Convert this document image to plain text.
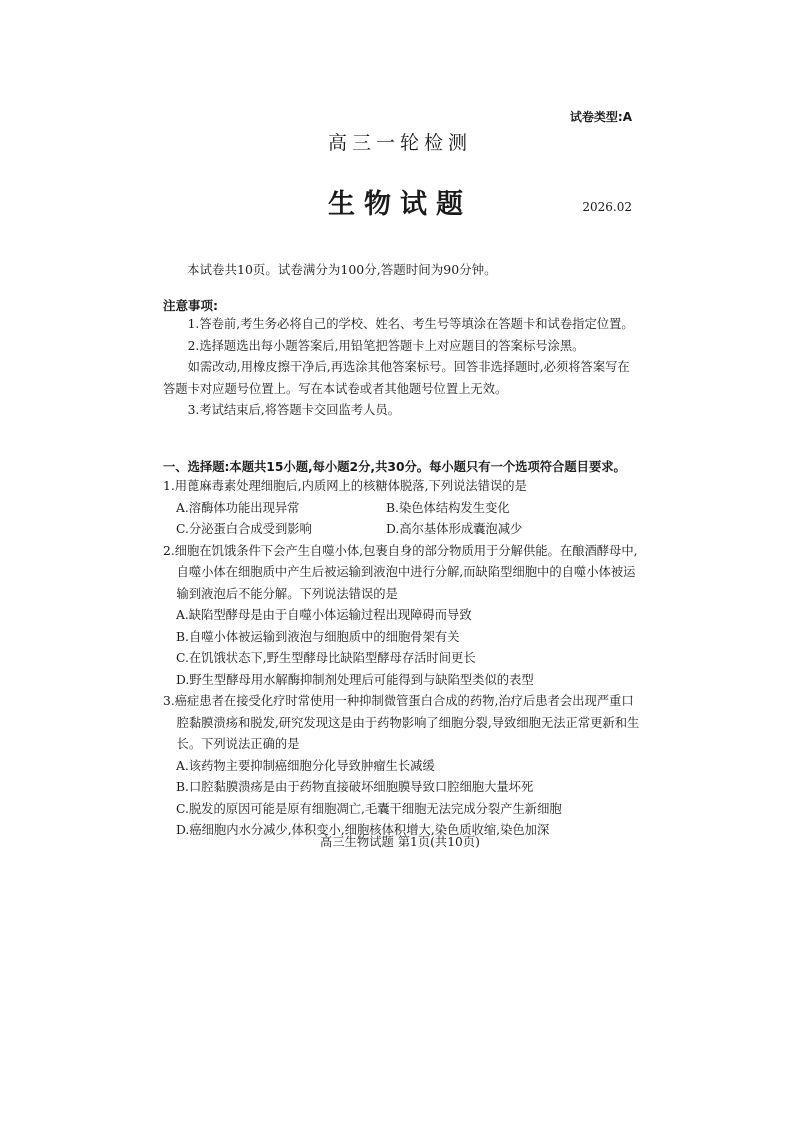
试卷类型:A
高三一轮检测
生物试题	2026.02
本试卷共10页。试卷满分为100分,答题时间为90分钟。
注意事项:

1.答卷前,考生务必将自己的学校、姓名、考生号等填涂在答题卡和试卷指定位置。

2.选择题选出每小题答案后,用铅笔把答题卡上对应题目的答案标号涂黑。

如需改动,用橡皮擦干净后,再选涂其他答案标号。回答非选择题时,必须将答案写在答题卡对应题号位置上。写在本试卷或者其他题号位置上无效。

3.考试结束后,将答题卡交回监考人员。

一、选择题:本题共15小题,每小题2分,共30分。每小题只有一个选项符合题目要求。

1.用蓖麻毒素处理细胞后,内质网上的核糖体脱落,下列说法错误的是

A.溶酶体功能出现异常	B.染色体结构发生变化
C.分泌蛋白合成受到影响	D.高尔基体形成囊泡减少

2.细胞在饥饿条件下会产生自噬小体,包裹自身的部分物质用于分解供能。在酿酒酵母中,自噬小体在细胞质中产生后被运输到液泡中进行分解,而缺陷型细胞中的自噬小体被运输到液泡后不能分解。下列说法错误的是

A.缺陷型酵母是由于自噬小体运输过程出现障碍而导致

B.自噬小体被运输到液泡与细胞质中的细胞骨架有关

C.在饥饿状态下,野生型酵母比缺陷型酵母存活时间更长

D.野生型酵母用水解酶抑制剂处理后可能得到与缺陷型类似的表型

3.癌症患者在接受化疗时常使用一种抑制微管蛋白合成的药物,治疗后患者会出现严重口腔黏膜溃疡和脱发,研究发现这是由于药物影响了细胞分裂,导致细胞无法正常更新和生长。下列说法正确的是

A.该药物主要抑制癌细胞分化导致肿瘤生长减缓

B.口腔黏膜溃疡是由于药物直接破坏细胞膜导致口腔细胞大量坏死

C.脱发的原因可能是原有细胞凋亡,毛囊干细胞无法完成分裂产生新细胞

D.癌细胞内水分减少,体积变小,细胞核体积增大,染色质收缩,染色加深

高三生物试题 第1页(共10页)
